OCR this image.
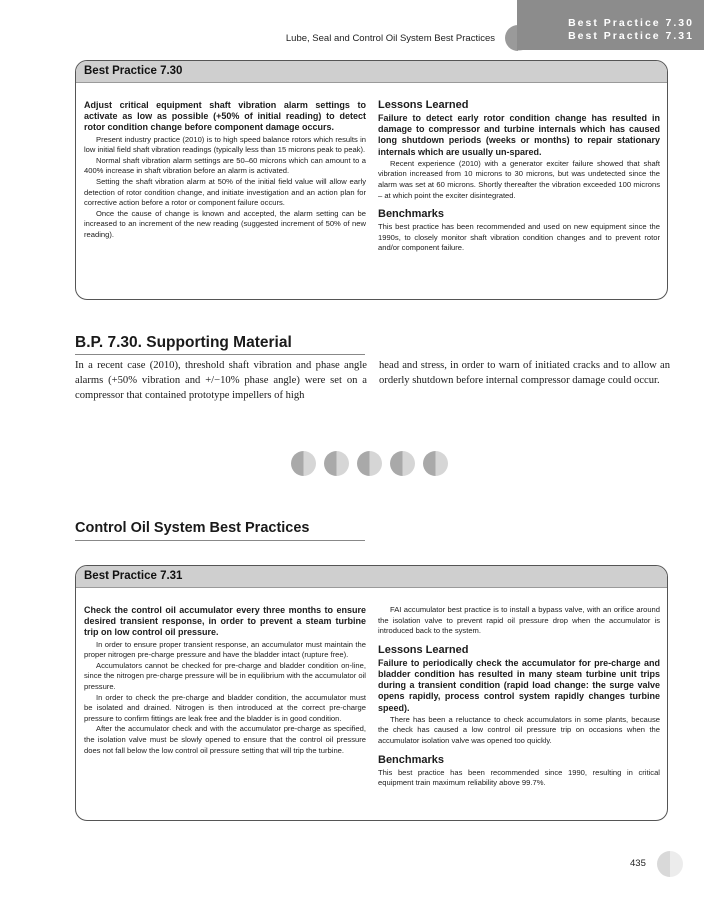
Lube, Seal and Control Oil System Best Practices
Best Practice 7.30
Best Practice 7.31
Best Practice 7.30
Adjust critical equipment shaft vibration alarm settings to activate as low as possible (+50% of initial reading) to detect rotor condition change before component damage occurs.

Present industry practice (2010) is to high speed balance rotors which results in low initial field shaft vibration readings (typically less than 15 microns peak to peak).

Normal shaft vibration alarm settings are 50–60 microns which can amount to a 400% increase in shaft vibration before an alarm is activated.

Setting the shaft vibration alarm at 50% of the initial field value will allow early detection of rotor condition change, and initiate investigation and an action plan for corrective action before a rotor or component failure occurs.

Once the cause of change is known and accepted, the alarm setting can be increased to an increment of the new reading (suggested increment of 50% of new reading).

Lessons Learned
Failure to detect early rotor condition change has resulted in damage to compressor and turbine internals which has caused long shutdown periods (weeks or months) to repair stationary internals which are usually un-spared.

Recent experience (2010) with a generator exciter failure showed that shaft vibration increased from 10 microns to 30 microns, but was undetected since the alarm was set at 60 microns. Shortly thereafter the vibration exceeded 100 microns – at which point the exciter disintegrated.

Benchmarks
This best practice has been recommended and used on new equipment since the 1990s, to closely monitor shaft vibration condition changes and to prevent rotor and/or component failure.
B.P. 7.30. Supporting Material
In a recent case (2010), threshold shaft vibration and phase angle alarms (+50% vibration and +/−10% phase angle) were set on a compressor that contained prototype impellers of high
head and stress, in order to warn of initiated cracks and to allow an orderly shutdown before internal compressor damage could occur.
Control Oil System Best Practices
Best Practice 7.31
Check the control oil accumulator every three months to ensure desired transient response, in order to prevent a steam turbine trip on low control oil pressure.

In order to ensure proper transient response, an accumulator must maintain the proper nitrogen pre-charge pressure and have the bladder intact (rupture free).

Accumulators cannot be checked for pre-charge and bladder condition on-line, since the nitrogen pre-charge pressure will be in equilibrium with the accumulator oil pressure.

In order to check the pre-charge and bladder condition, the accumulator must be isolated and drained. Nitrogen is then introduced at the correct pre-charge pressure to confirm fittings are leak free and the bladder is in good condition.

After the accumulator check and with the accumulator pre-charge as specified, the isolation valve must be slowly opened to ensure that the control oil pressure does not fall below the low control oil pressure setting that will trip the turbine.

FAI accumulator best practice is to install a bypass valve, with an orifice around the isolation valve to prevent rapid oil pressure drop when the accumulator is introduced back to the system.

Lessons Learned
Failure to periodically check the accumulator for pre-charge and bladder condition has resulted in many steam turbine unit trips during a transient condition (rapid load change: the surge valve opens rapidly, process control system rapidly changes turbine speed).

There has been a reluctance to check accumulators in some plants, because the check has caused a low control oil pressure trip on occasions when the accumulator isolation valve was opened too quickly.

Benchmarks
This best practice has been recommended since 1990, resulting in critical equipment train maximum reliability above 99.7%.
435
